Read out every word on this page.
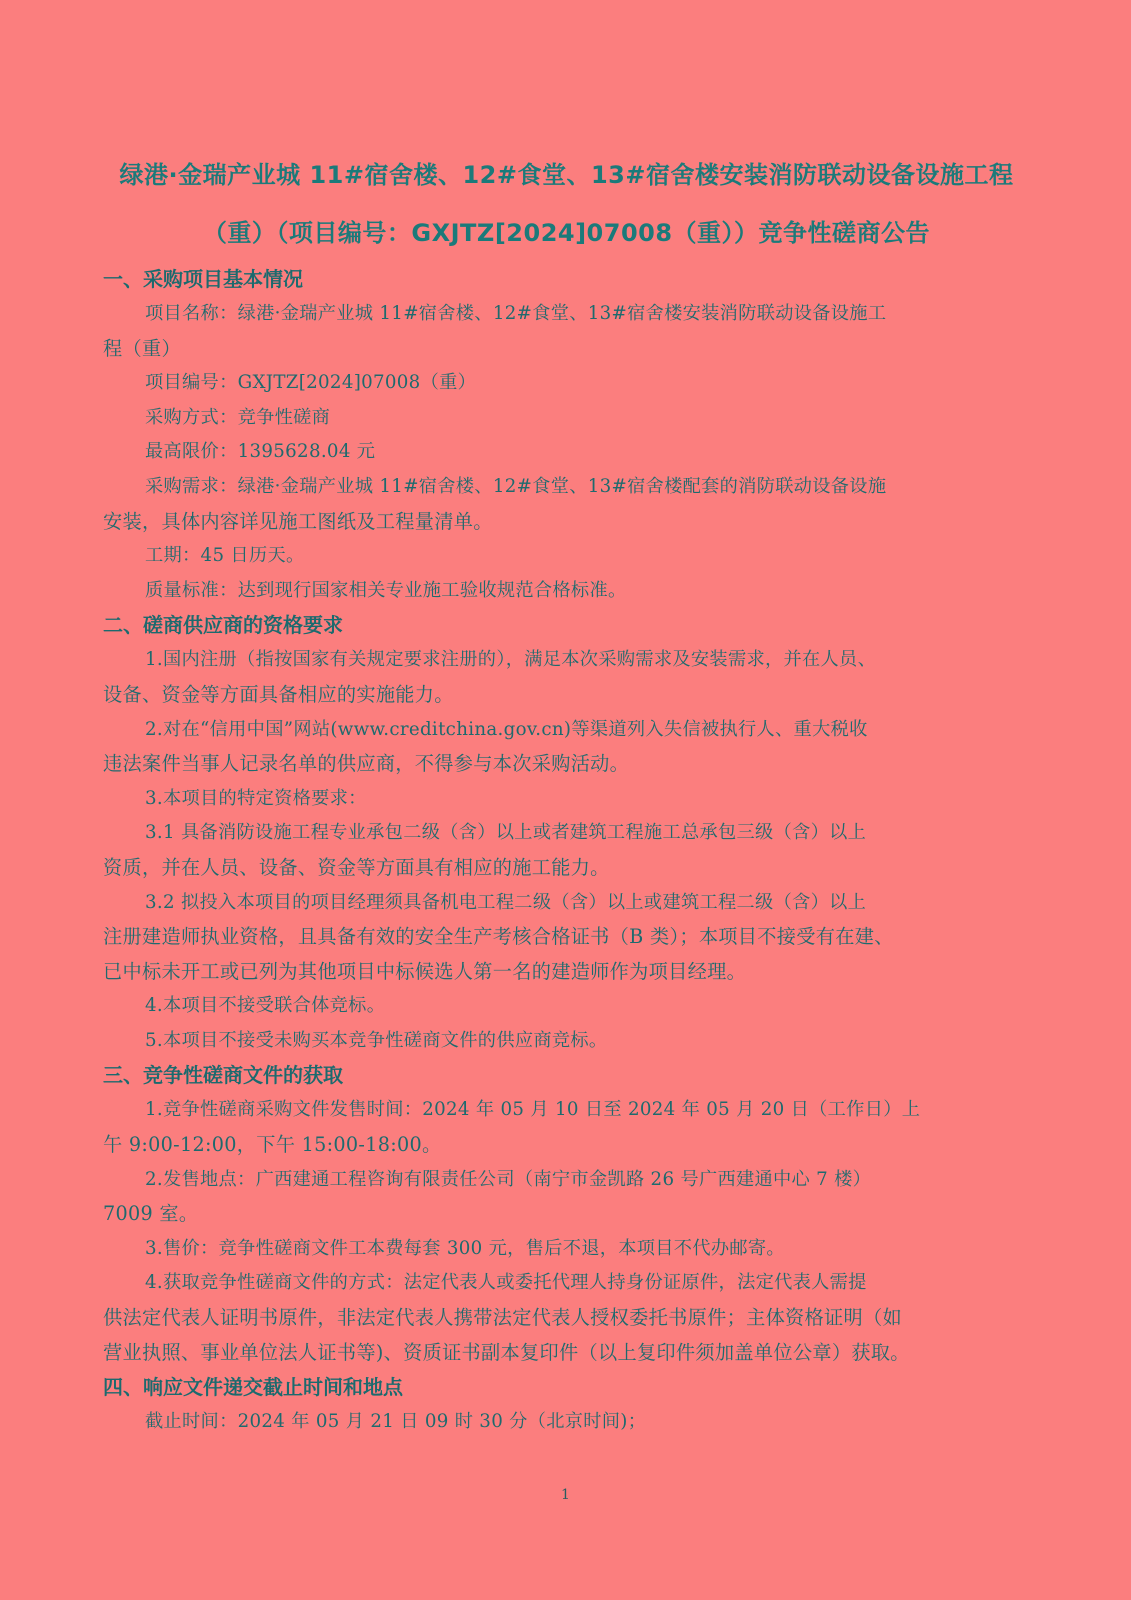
绿港·金瑞产业城 11#宿舍楼、12#食堂、13#宿舍楼安装消防联动设备设施工程
（重）（项目编号：GXJTZ[2024]07008（重））竞争性磋商公告
一、采购项目基本情况
项目名称：绿港·金瑞产业城 11#宿舍楼、12#食堂、13#宿舍楼安装消防联动设备设施工
程（重）
项目编号：GXJTZ[2024]07008（重）
采购方式：竞争性磋商
最高限价：1395628.04 元
采购需求：绿港·金瑞产业城 11#宿舍楼、12#食堂、13#宿舍楼配套的消防联动设备设施
安装，具体内容详见施工图纸及工程量清单。
工期：45 日历天。
质量标准：达到现行国家相关专业施工验收规范合格标准。
二、磋商供应商的资格要求
1.国内注册（指按国家有关规定要求注册的），满足本次采购需求及安装需求，并在人员、
设备、资金等方面具备相应的实施能力。
2.对在“信用中国”网站(www.creditchina.gov.cn)等渠道列入失信被执行人、重大税收
违法案件当事人记录名单的供应商，不得参与本次采购活动。
3.本项目的特定资格要求：
3.1 具备消防设施工程专业承包二级（含）以上或者建筑工程施工总承包三级（含）以上
资质，并在人员、设备、资金等方面具有相应的施工能力。
3.2 拟投入本项目的项目经理须具备机电工程二级（含）以上或建筑工程二级（含）以上
注册建造师执业资格，且具备有效的安全生产考核合格证书（B 类）；本项目不接受有在建、
已中标未开工或已列为其他项目中标候选人第一名的建造师作为项目经理。
4.本项目不接受联合体竞标。
5.本项目不接受未购买本竞争性磋商文件的供应商竞标。
三、竞争性磋商文件的获取
1.竞争性磋商采购文件发售时间：2024 年 05 月 10 日至 2024 年 05 月 20 日（工作日）上
午 9:00-12:00，下午 15:00-18:00。
2.发售地点：广西建通工程咨询有限责任公司（南宁市金凯路 26 号广西建通中心 7 楼）
7009 室。
3.售价：竞争性磋商文件工本费每套 300 元，售后不退，本项目不代办邮寄。
4.获取竞争性磋商文件的方式：法定代表人或委托代理人持身份证原件，法定代表人需提
供法定代表人证明书原件，非法定代表人携带法定代表人授权委托书原件；主体资格证明（如
营业执照、事业单位法人证书等)、资质证书副本复印件（以上复印件须加盖单位公章）获取。
四、响应文件递交截止时间和地点
截止时间：2024 年 05 月 21 日 09 时 30 分（北京时间)；
1
